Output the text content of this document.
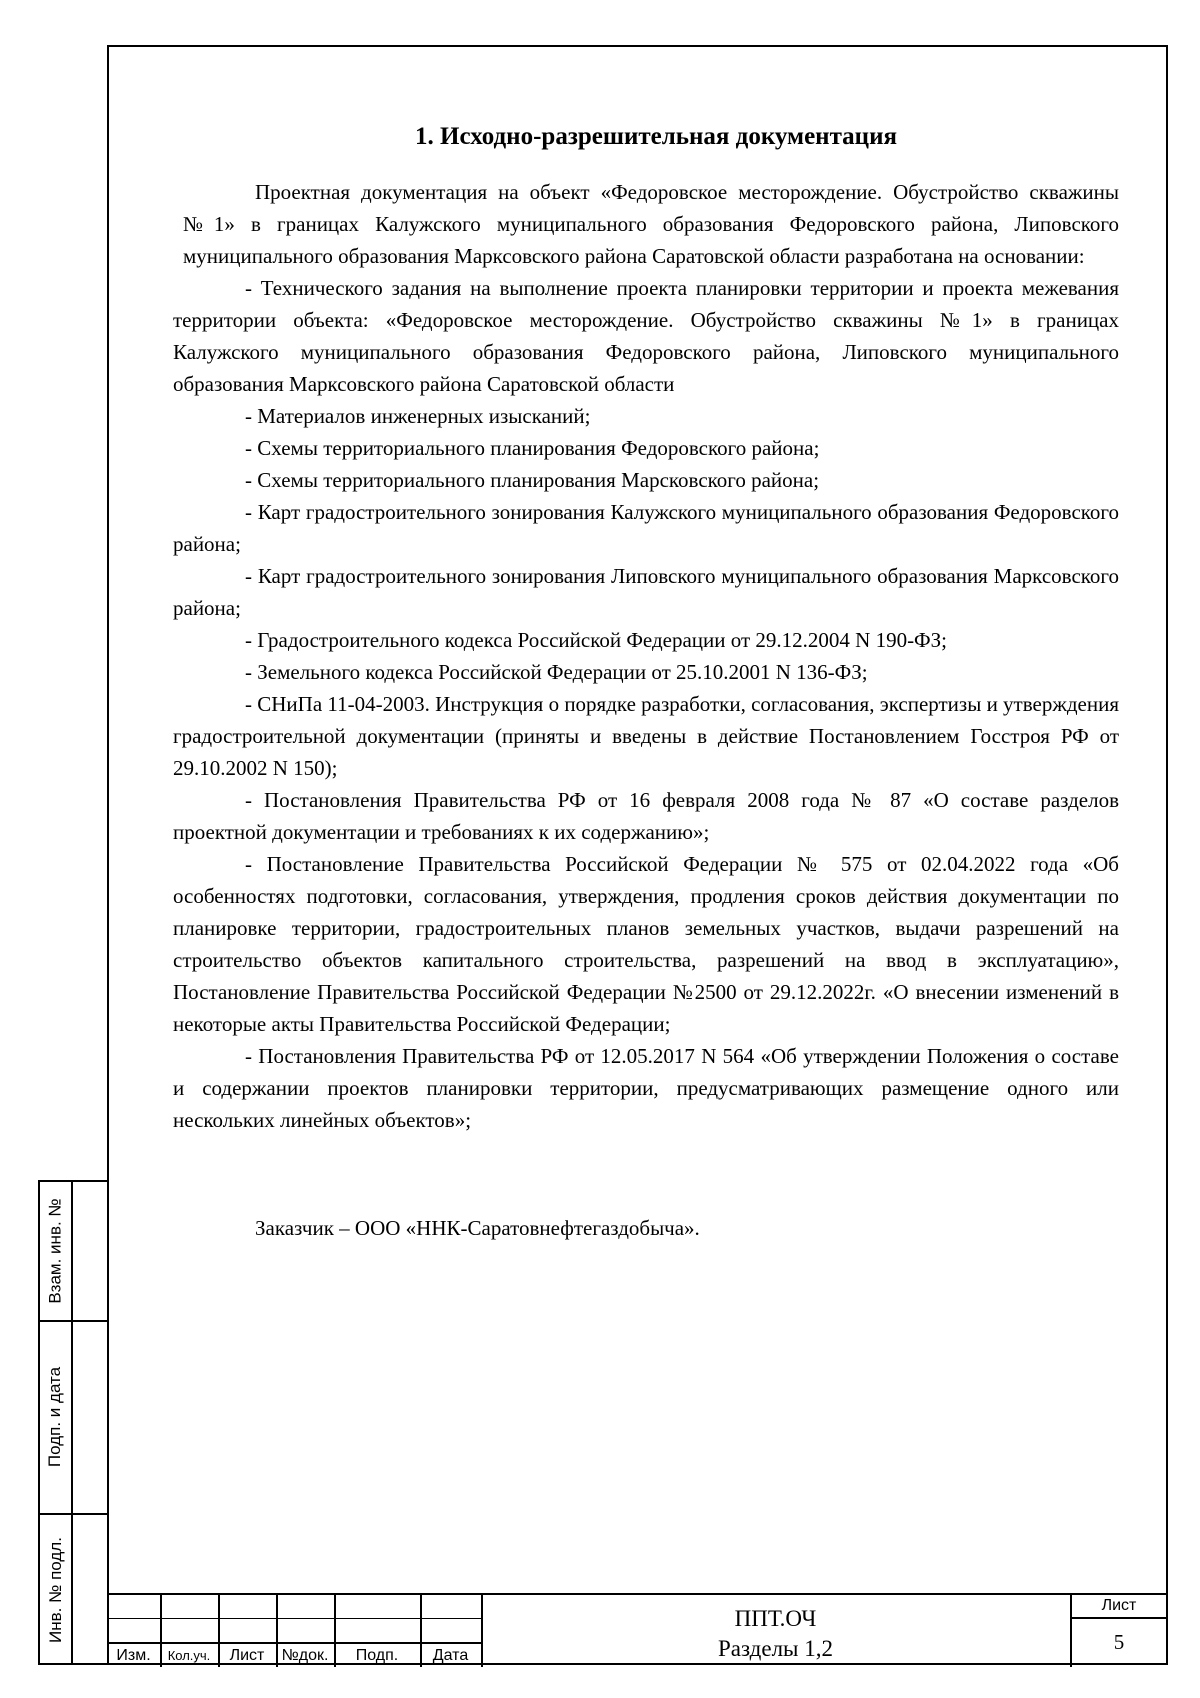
Взам. инв. №
Подп. и дата
Инв. № подл.
1. Исходно-разрешительная документация

Проектная документация на объект «Федоровское месторождение. Обустройство скважины №1» в границах Калужского муниципального образования Федоровского района, Липовского муниципального образования Марксовского района Саратовской области разработана на основании:

- Технического задания на выполнение проекта планировки территории и проекта межевания территории объекта: «Федоровское месторождение. Обустройство скважины №1» в границах Калужского муниципального образования Федоровского района, Липовского муниципального образования Марксовского района Саратовской области

- Материалов инженерных изысканий;

- Схемы территориального планирования Федоровского района;

- Схемы территориального планирования Марсковского района;

- Карт градостроительного зонирования Калужского муниципального образования Федоровского района;

- Карт градостроительного зонирования Липовского муниципального образования Марксовского района;

- Градостроительного кодекса Российской Федерации от 29.12.2004 N 190-ФЗ;

- Земельного кодекса Российской Федерации от 25.10.2001 N 136-ФЗ;

- СНиПа 11-04-2003. Инструкция о порядке разработки, согласования, экспертизы и утверждения градостроительной документации (приняты и введены в действие Постановлением Госстроя РФ от 29.10.2002 N 150);

- Постановления Правительства РФ от 16 февраля 2008 года № 87 «О составе разделов проектной документации и требованиях к их содержанию»;

- Постановление Правительства Российской Федерации № 575 от 02.04.2022 года «Об особенностях подготовки, согласования, утверждения, продления сроков действия документации по планировке территории, градостроительных планов земельных участков, выдачи разрешений на строительство объектов капитального строительства, разрешений на ввод в эксплуатацию», Постановление Правительства Российской Федерации №2500 от 29.12.2022г. «О внесении изменений в некоторые акты Правительства Российской Федерации;

- Постановления Правительства РФ от 12.05.2017 N 564 «Об утверждении Положения о составе и содержании проектов планировки территории, предусматривающих размещение одного или нескольких линейных объектов»;

Заказчик – ООО «ННК-Саратовнефтегаздобыча».

Изм.	Кол.уч.	Лист	№док.	Подп.	Дата
ППТ.ОЧ
Разделы 1,2
Лист
5
